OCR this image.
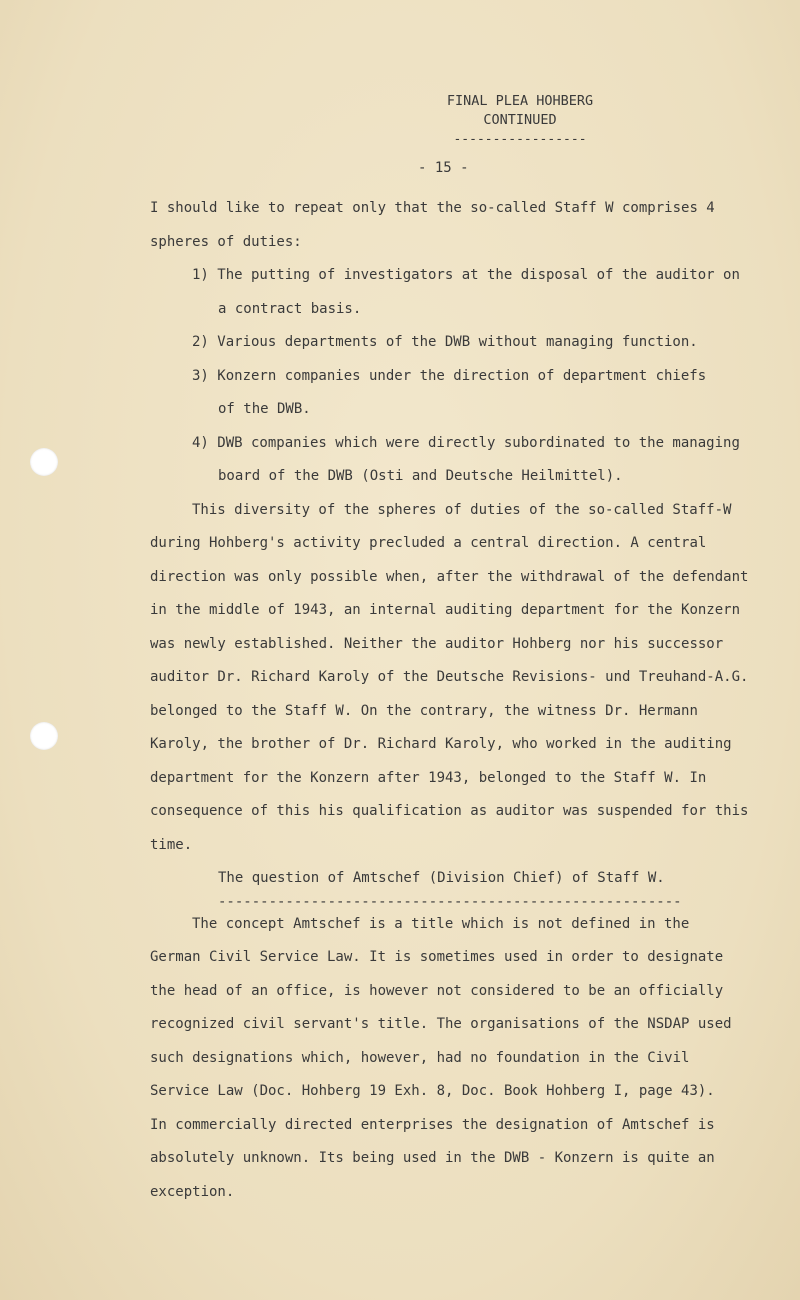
FINAL PLEA HOHBERG
CONTINUED
-----------------
- 15 -

I should like to repeat only that the so-called Staff W comprises 4

spheres of duties:

1) The putting of investigators at the disposal of the auditor on

a contract basis.

2) Various departments of the DWB without managing function.

3) Konzern companies under the direction of department chiefs

of the DWB.

4) DWB companies which were directly subordinated to the managing

board of the DWB (Osti and Deutsche Heilmittel).

This diversity of the spheres of duties of the so-called Staff-W

during Hohberg's activity precluded a central direction. A central

direction was only possible when, after the withdrawal of the defendant

in the middle of 1943, an internal auditing department for the Konzern

was newly established. Neither the auditor Hohberg nor his successor

auditor Dr. Richard Karoly of the Deutsche Revisions- und Treuhand-A.G.

belonged to the Staff W. On the contrary, the witness Dr. Hermann

Karoly, the brother of Dr. Richard Karoly, who worked in the auditing

department for the Konzern after 1943, belonged to the Staff W. In

consequence of this his qualification as auditor was suspended for this

time.

The question of Amtschef (Division Chief) of Staff W.

-------------------------------------------------------

The concept Amtschef is a title which is not defined in the

German Civil Service Law. It is sometimes used in order to designate

the head of an office, is however not considered to be an officially

recognized civil servant's title. The organisations of the NSDAP used

such designations which, however, had no foundation in the Civil

Service Law (Doc. Hohberg 19 Exh. 8, Doc. Book Hohberg I, page 43).

In commercially directed enterprises the designation of Amtschef is

absolutely unknown. Its being used in the DWB - Konzern is quite an

exception.
